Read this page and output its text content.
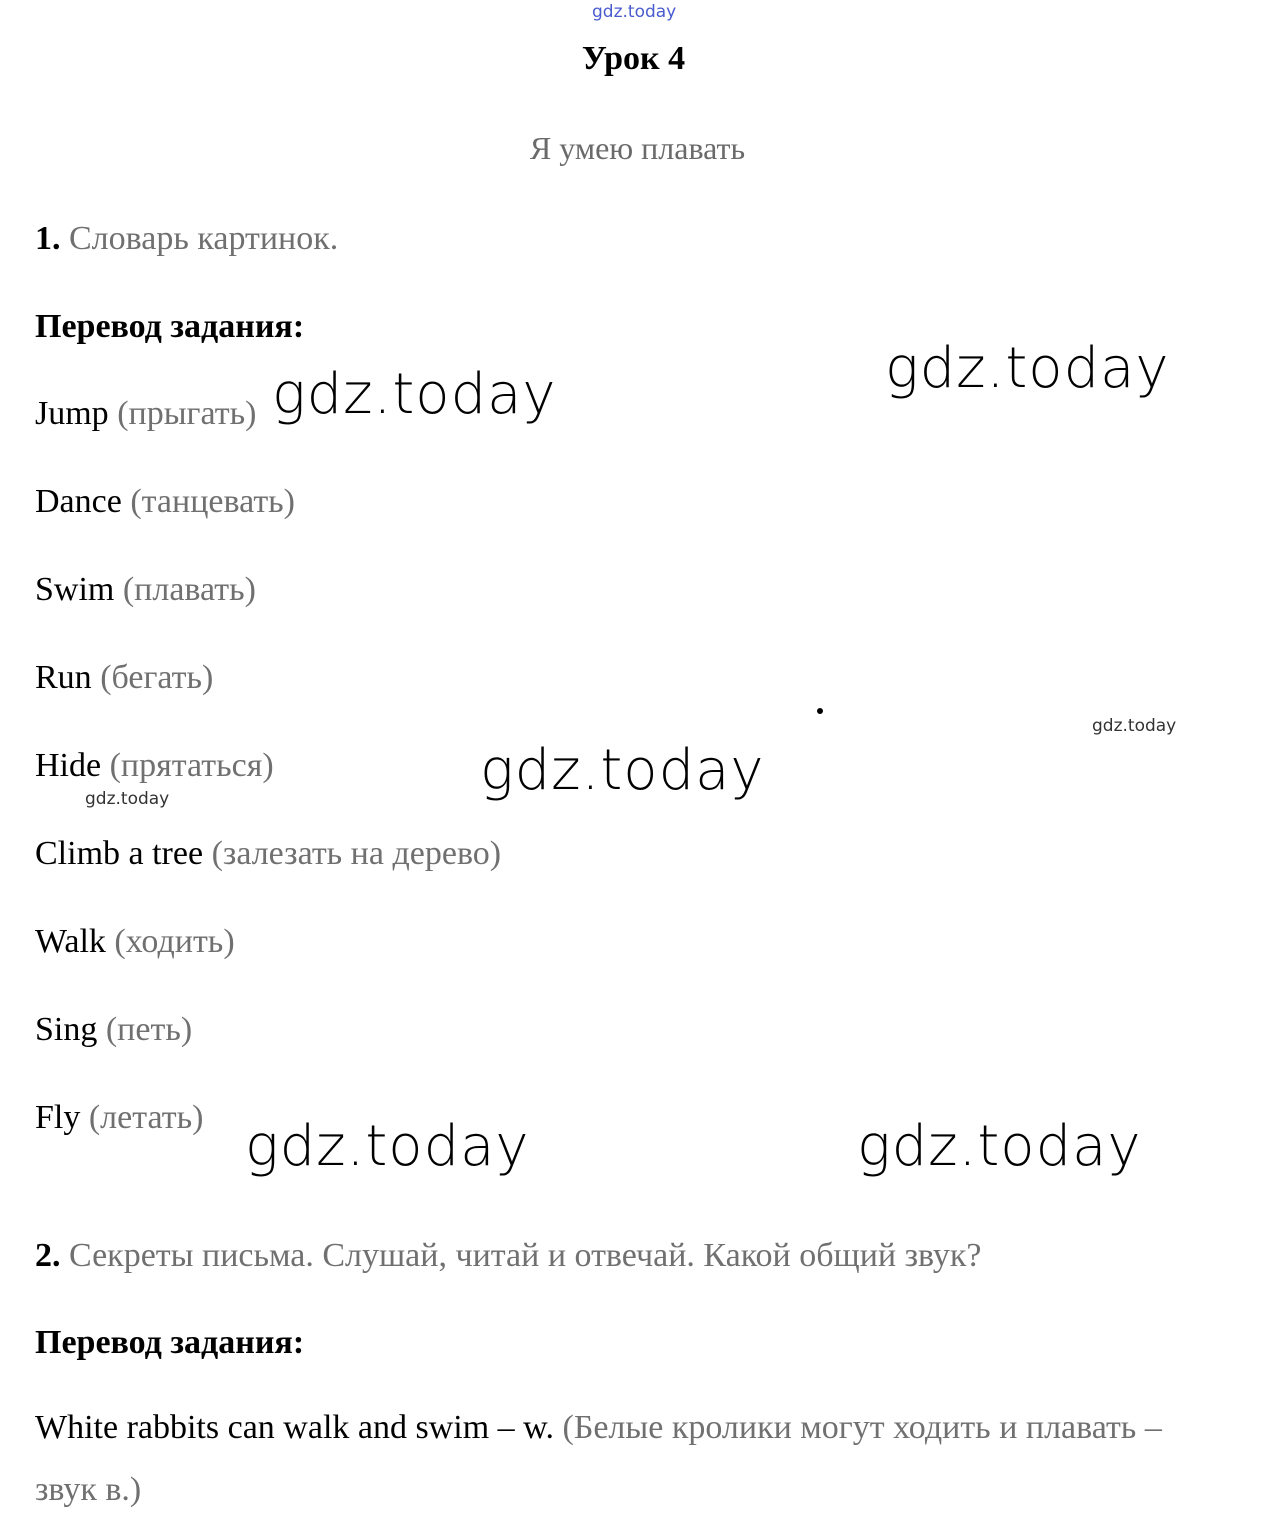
gdz.today
gdz.today
gdz.today
gdz.today
gdz.today
gdz.today
gdz.today	gdz.today
Урок 4
Я умею плавать
1. Словарь картинок.
Перевод задания:
Jump (прыгать)
Dance (танцевать)
Swim (плавать)
Run (бегать)
Hide (прятаться)
Climb a tree (залезать на дерево)
Walk (ходить)
Sing (петь)
Fly (летать)
2. Секреты письма. Слушай, читай и отвечай. Какой общий звук?
Перевод задания:
White rabbits can walk and swim – w. (Белые кролики могут ходить и плавать –
звук в.)
